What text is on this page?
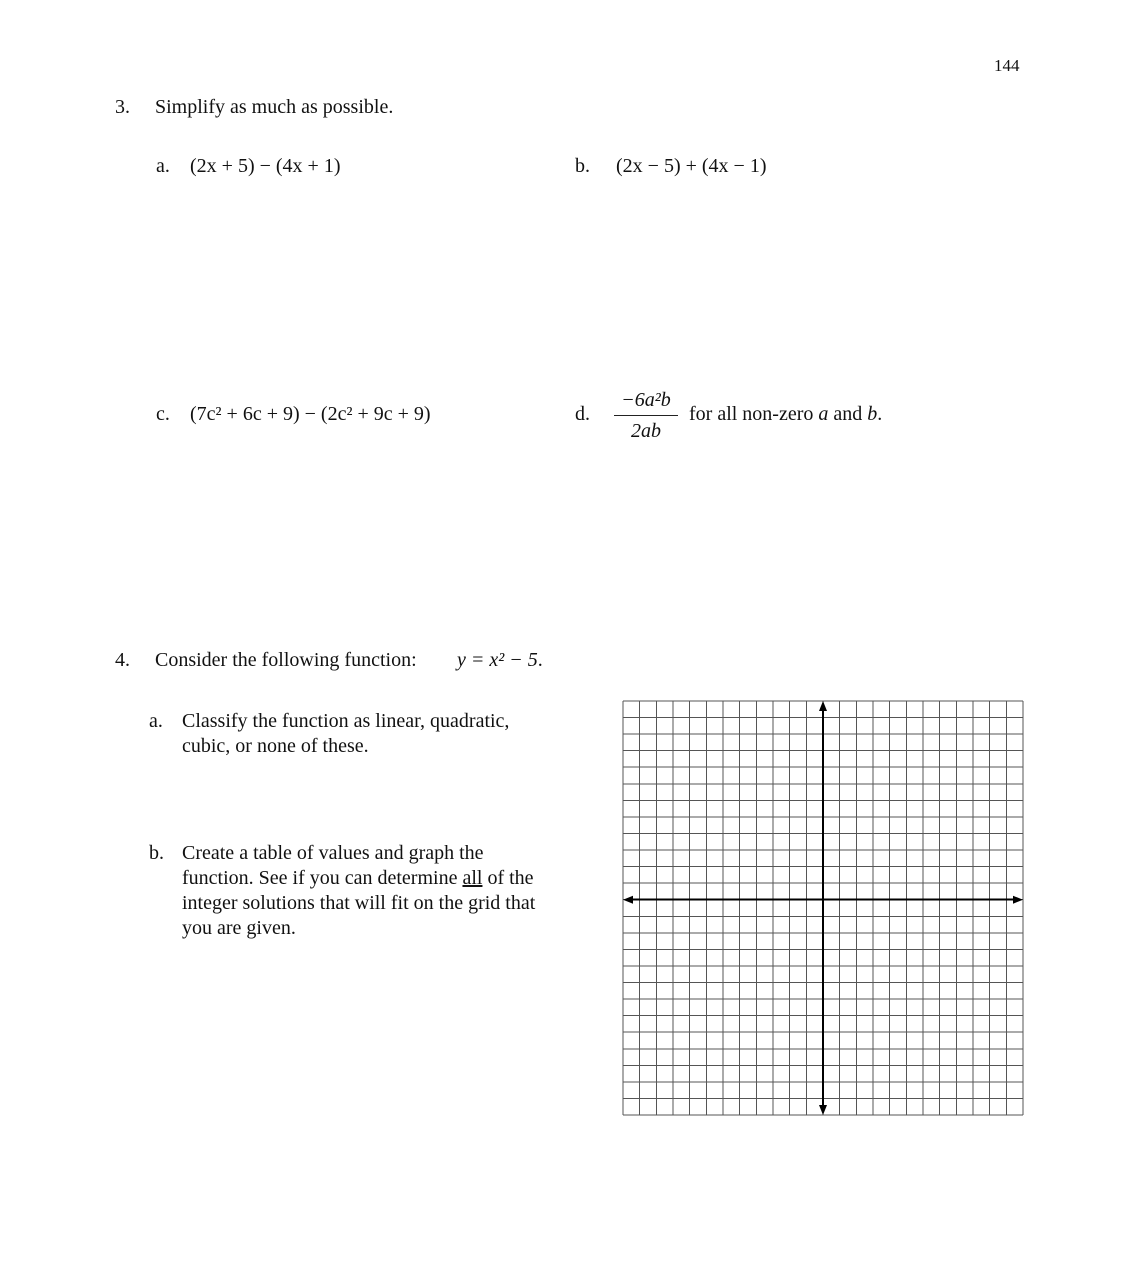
144
3. Simplify as much as possible.
a. (2x + 5) − (4x + 1)	b. (2x − 5) + (4x − 1)
c. (7c² + 6c + 9) − (2c² + 9c + 9)	d.
−6a²b
2ab
for all non-zero a and b.
4. Consider the following function: y = x² − 5.
a. Classify the function as linear, quadratic, cubic, or none of these.
b. Create a table of values and graph the function. See if you can determine all of the integer solutions that will fit on the grid that you are given.
